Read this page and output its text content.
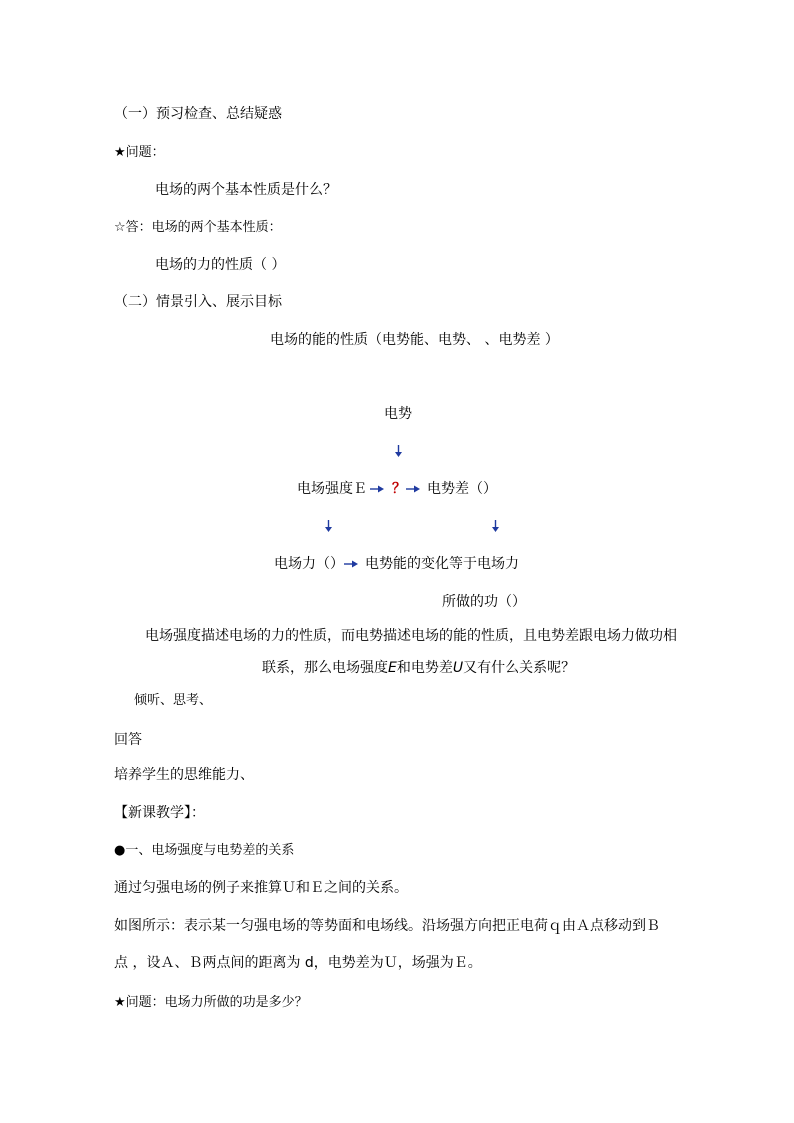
（一）预习检查、总结疑惑
★问题：
电场的两个基本性质是什么？
☆答：电场的两个基本性质：
电场的力的性质（ ）
（二）情景引入、展示目标
电场的能的性质（电势能、电势、 、电势差 ）
电势
电场强度Ｅ ？ 电势差（）
电场力（） 电势能的变化等于电场力
所做的功（）
电场强度描述电场的力的性质，而电势描述电场的能的性质，且电势差跟电场力做功相
联系，那么电场强度E和电势差U又有什么关系呢？
倾听、思考、
回答
培养学生的思维能力、
【新课教学】：
●一、电场强度与电势差的关系
通过匀强电场的例子来推算Ｕ和Ｅ之间的关系。
如图所示：表示某一匀强电场的等势面和电场线。沿场强方向把正电荷ｑ由Ａ点移动到Ｂ
点 ，设Ａ、Ｂ两点间的距离为 d，电势差为Ｕ，场强为Ｅ。
★问题：电场力所做的功是多少？
